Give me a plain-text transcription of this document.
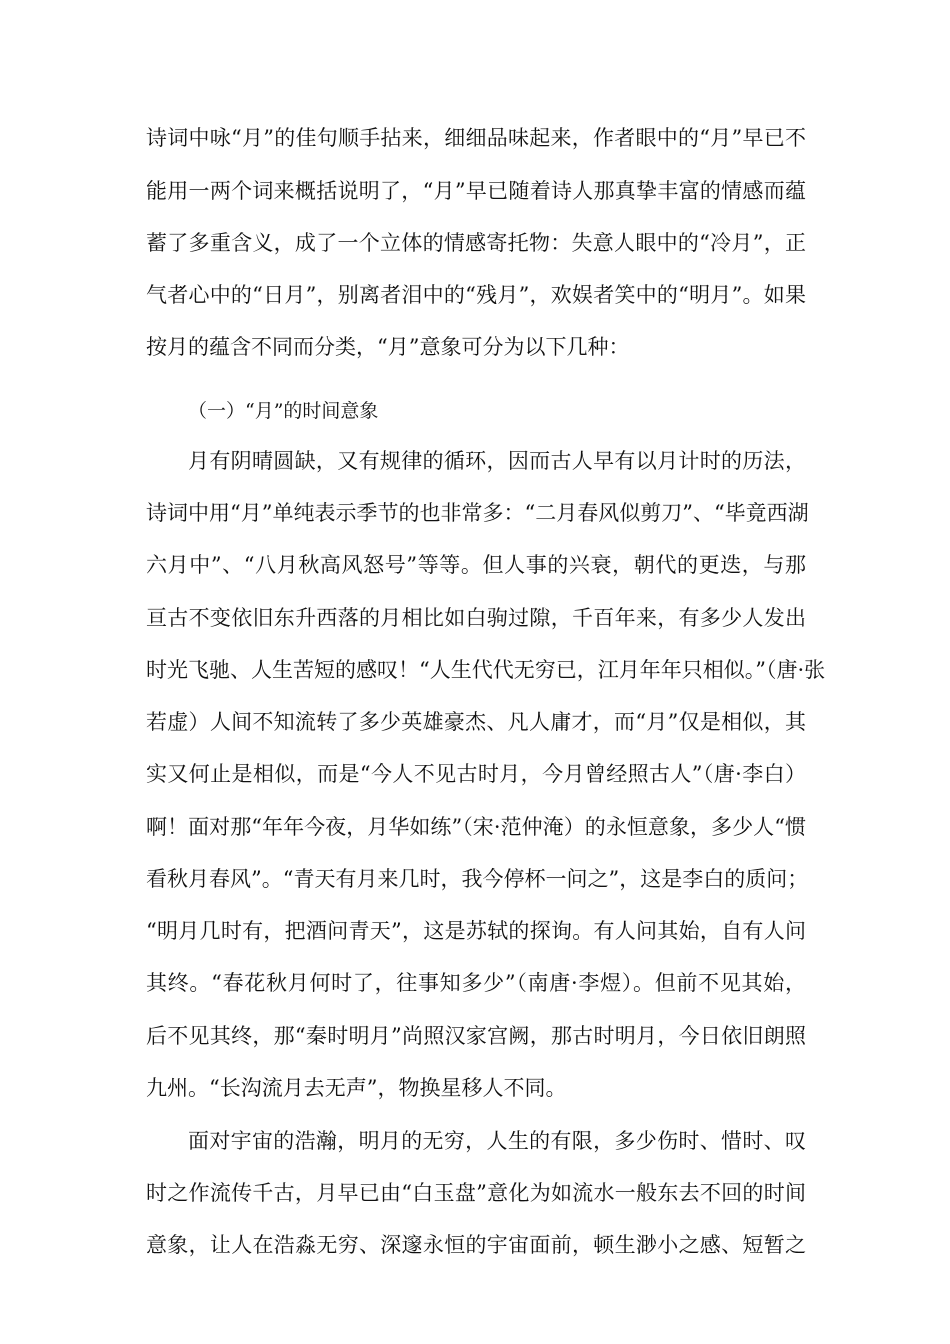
诗词中咏“月”的佳句顺手拈来，细细品味起来，作者眼中的“月”早已不
能用一两个词来概括说明了，“月”早已随着诗人那真挚丰富的情感而蕴
蓄了多重含义，成了一个立体的情感寄托物：失意人眼中的“冷月”，正
气者心中的“日月”，别离者泪中的“残月”，欢娱者笑中的“明月”。如果
按月的蕴含不同而分类，“月”意象可分为以下几种：
（一）“月”的时间意象
月有阴晴圆缺，又有规律的循环，因而古人早有以月计时的历法，
诗词中用“月”单纯表示季节的也非常多：“二月春风似剪刀”、“毕竟西湖
六月中”、“八月秋高风怒号”等等。但人事的兴衰，朝代的更迭，与那
亘古不变依旧东升西落的月相比如白驹过隙，千百年来，有多少人发出
时光飞驰、人生苦短的感叹！“人生代代无穷已，江月年年只相似。”（唐·张
若虚）人间不知流转了多少英雄豪杰、凡人庸才，而“月”仅是相似，其
实又何止是相似，而是“今人不见古时月，今月曾经照古人”（唐·李白）
啊！面对那“年年今夜，月华如练”（宋·范仲淹）的永恒意象，多少人“惯
看秋月春风”。“青天有月来几时，我今停杯一问之”，这是李白的质问；
“明月几时有，把酒问青天”，这是苏轼的探询。有人问其始，自有人问
其终。“春花秋月何时了，往事知多少”（南唐·李煜）。但前不见其始，
后不见其终，那“秦时明月”尚照汉家宫阙，那古时明月，今日依旧朗照
九州。“长沟流月去无声”，物换星移人不同。
面对宇宙的浩瀚，明月的无穷，人生的有限，多少伤时、惜时、叹
时之作流传千古，月早已由“白玉盘”意化为如流水一般东去不回的时间
意象，让人在浩淼无穷、深邃永恒的宇宙面前，顿生渺小之感、短暂之
